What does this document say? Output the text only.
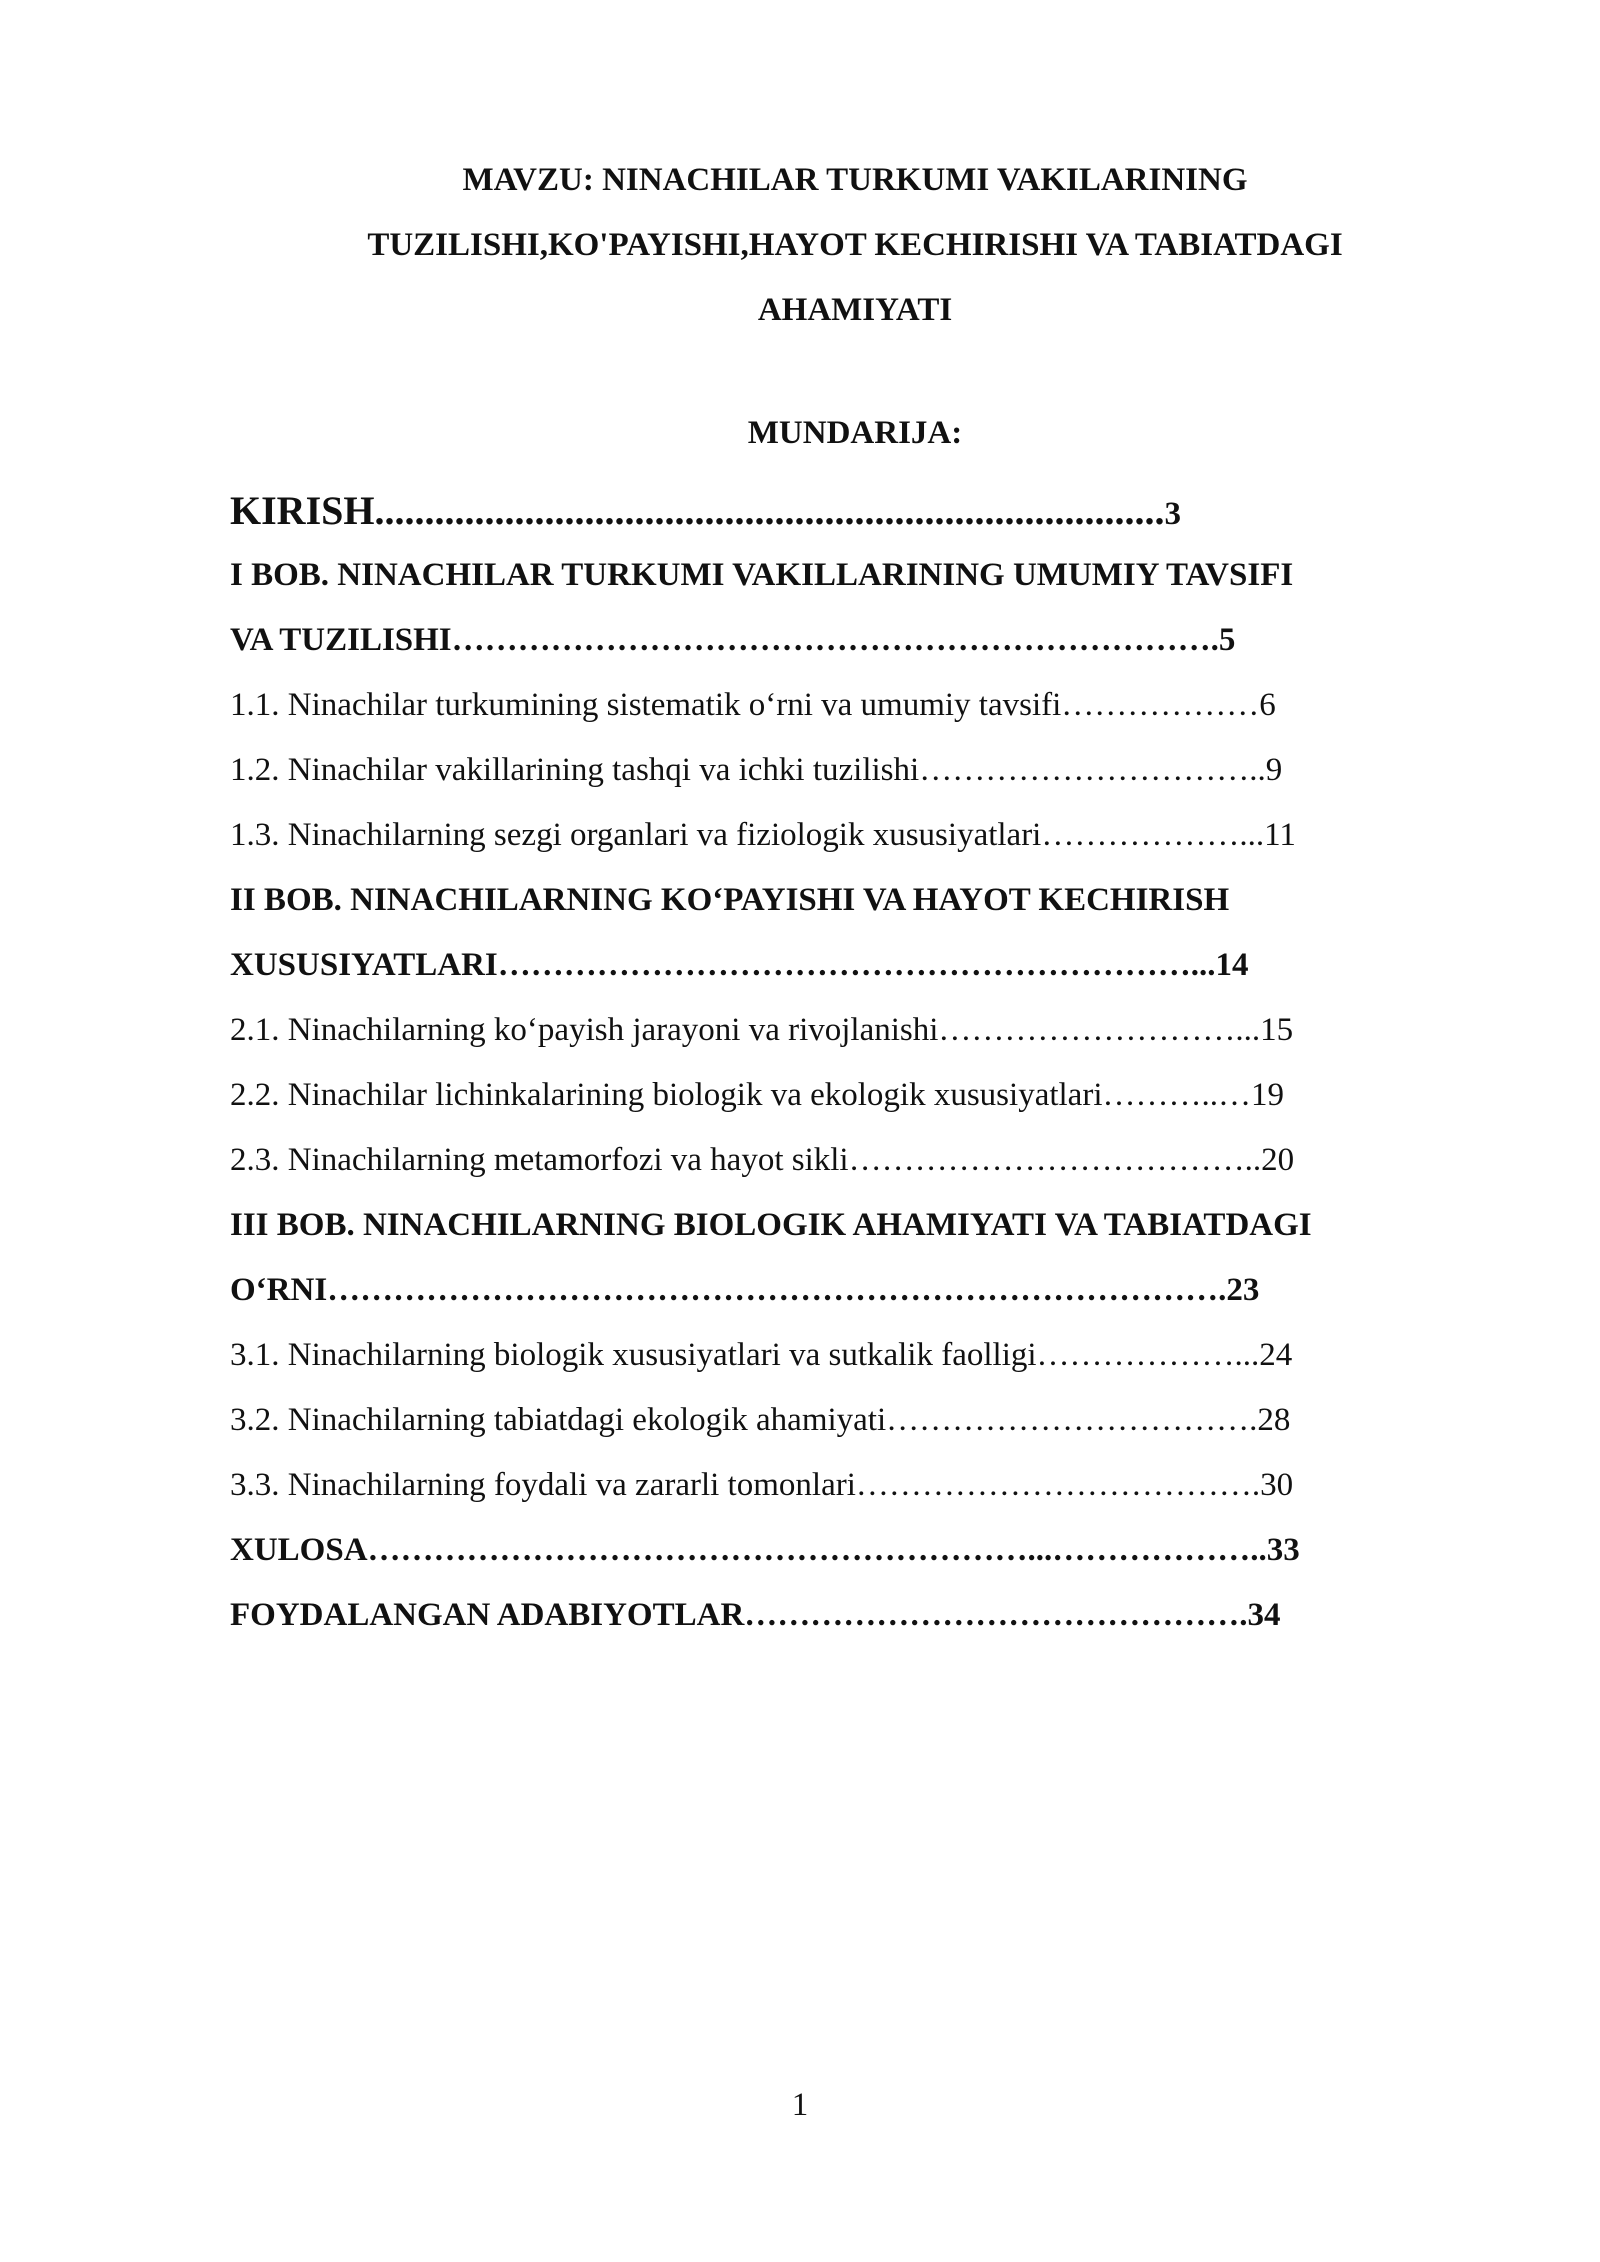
MAVZU: NINACHILAR TURKUMI VAKILARINING
TUZILISHI,KO'PAYISHI,HAYOT KECHIRISHI VA TABIATDAGI
AHAMIYATI
MUNDARIJA:
KIRISH...............................................................................3
I BOB. NINACHILAR TURKUMI VAKILLARINING UMUMIY TAVSIFI
VA TUZILISHI…………………………………………………………….5
1.1. Ninachilar turkumining sistematik o‘rni va umumiy tavsifi………………6
1.2. Ninachilar vakillarining tashqi va ichki tuzilishi…………………………..9
1.3. Ninachilarning sezgi organlari va fiziologik xususiyatlari………………...11
II BOB. NINACHILARNING KO‘PAYISHI VA HAYOT KECHIRISH
XUSUSIYATLARI………………………………………………………...14
2.1. Ninachilarning ko‘payish jarayoni va rivojlanishi………………………...15
2.2. Ninachilar lichinkalarining biologik va ekologik xususiyatlari………..…19
2.3. Ninachilarning metamorfozi va hayot sikli………………………………..20
III BOB. NINACHILARNING BIOLOGIK AHAMIYATI VA TABIATDAGI
O‘RNI……………………………………………………………………….23
3.1. Ninachilarning biologik xususiyatlari va sutkalik faolligi………………...24
3.2. Ninachilarning tabiatdagi ekologik ahamiyati…………………………….28
3.3. Ninachilarning foydali va zararli tomonlari……………………………….30
XULOSA……………………………………………………...………………..33
FOYDALANGAN ADABIYOTLAR……………………………………….34
1
